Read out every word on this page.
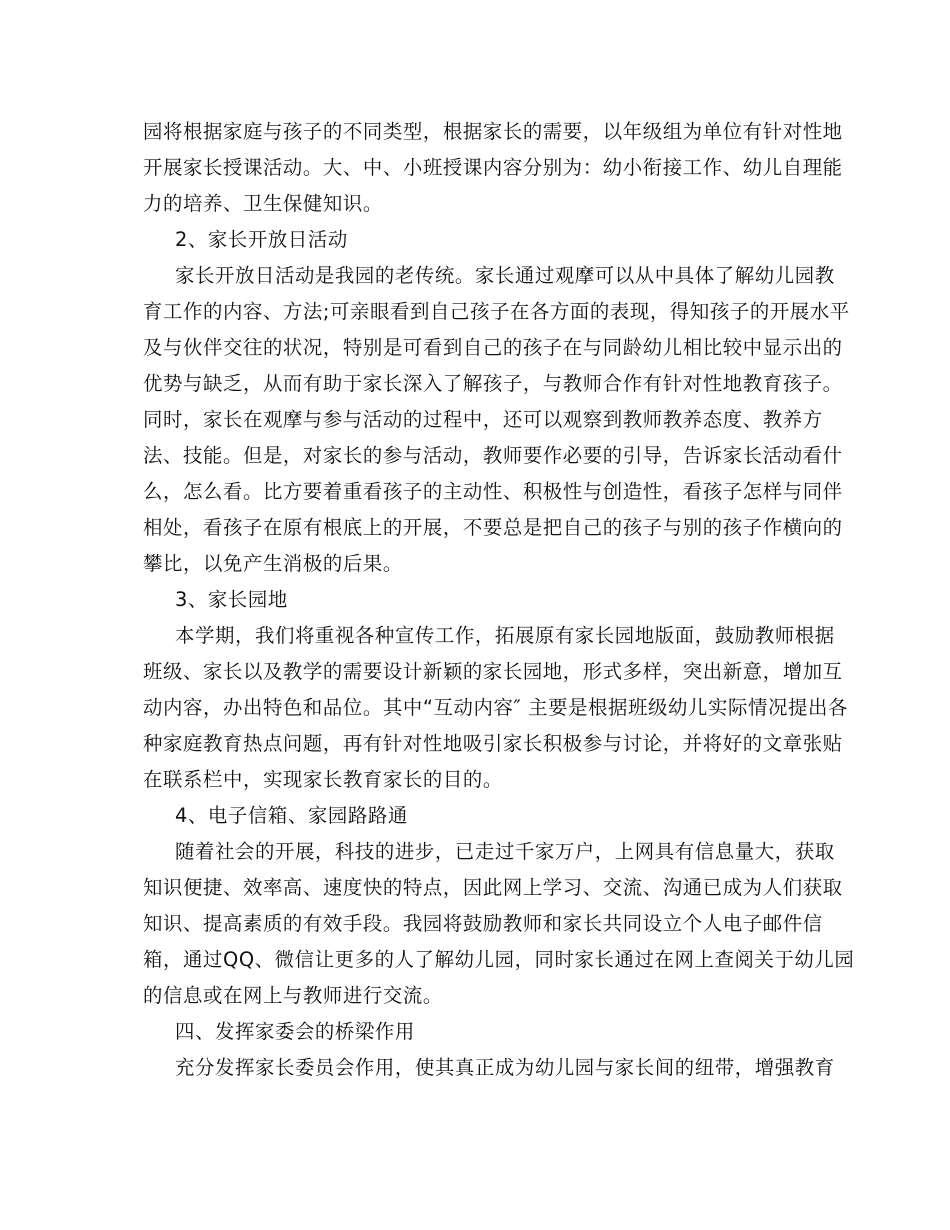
园将根据家庭与孩子的不同类型，根据家长的需要，以年级组为单位有针对性地
开展家长授课活动。大、中、小班授课内容分别为：幼小衔接工作、幼儿自理能
力的培养、卫生保健知识。
2、家长开放日活动
家长开放日活动是我园的老传统。家长通过观摩可以从中具体了解幼儿园教
育工作的内容、方法;可亲眼看到自己孩子在各方面的表现，得知孩子的开展水平
及与伙伴交往的状况，特别是可看到自己的孩子在与同龄幼儿相比较中显示出的
优势与缺乏，从而有助于家长深入了解孩子，与教师合作有针对性地教育孩子。
同时，家长在观摩与参与活动的过程中，还可以观察到教师教养态度、教养方
法、技能。但是，对家长的参与活动，教师要作必要的引导，告诉家长活动看什
么，怎么看。比方要着重看孩子的主动性、积极性与创造性，看孩子怎样与同伴
相处，看孩子在原有根底上的开展，不要总是把自己的孩子与别的孩子作横向的
攀比，以免产生消极的后果。
3、家长园地
本学期，我们将重视各种宣传工作，拓展原有家长园地版面，鼓励教师根据
班级、家长以及教学的需要设计新颖的家长园地，形式多样，突出新意，增加互
动内容，办出特色和品位。其中“互动内容″ 主要是根据班级幼儿实际情况提出各
种家庭教育热点问题，再有针对性地吸引家长积极参与讨论，并将好的文章张贴
在联系栏中，实现家长教育家长的目的。
4、电子信箱、家园路路通
随着社会的开展，科技的进步，已走过千家万户，上网具有信息量大，获取
知识便捷、效率高、速度快的特点，因此网上学习、交流、沟通已成为人们获取
知识、提高素质的有效手段。我园将鼓励教师和家长共同设立个人电子邮件信
箱，通过QQ、微信让更多的人了解幼儿园，同时家长通过在网上查阅关于幼儿园
的信息或在网上与教师进行交流。
四、发挥家委会的桥梁作用
充分发挥家长委员会作用，使其真正成为幼儿园与家长间的纽带，增强教育
